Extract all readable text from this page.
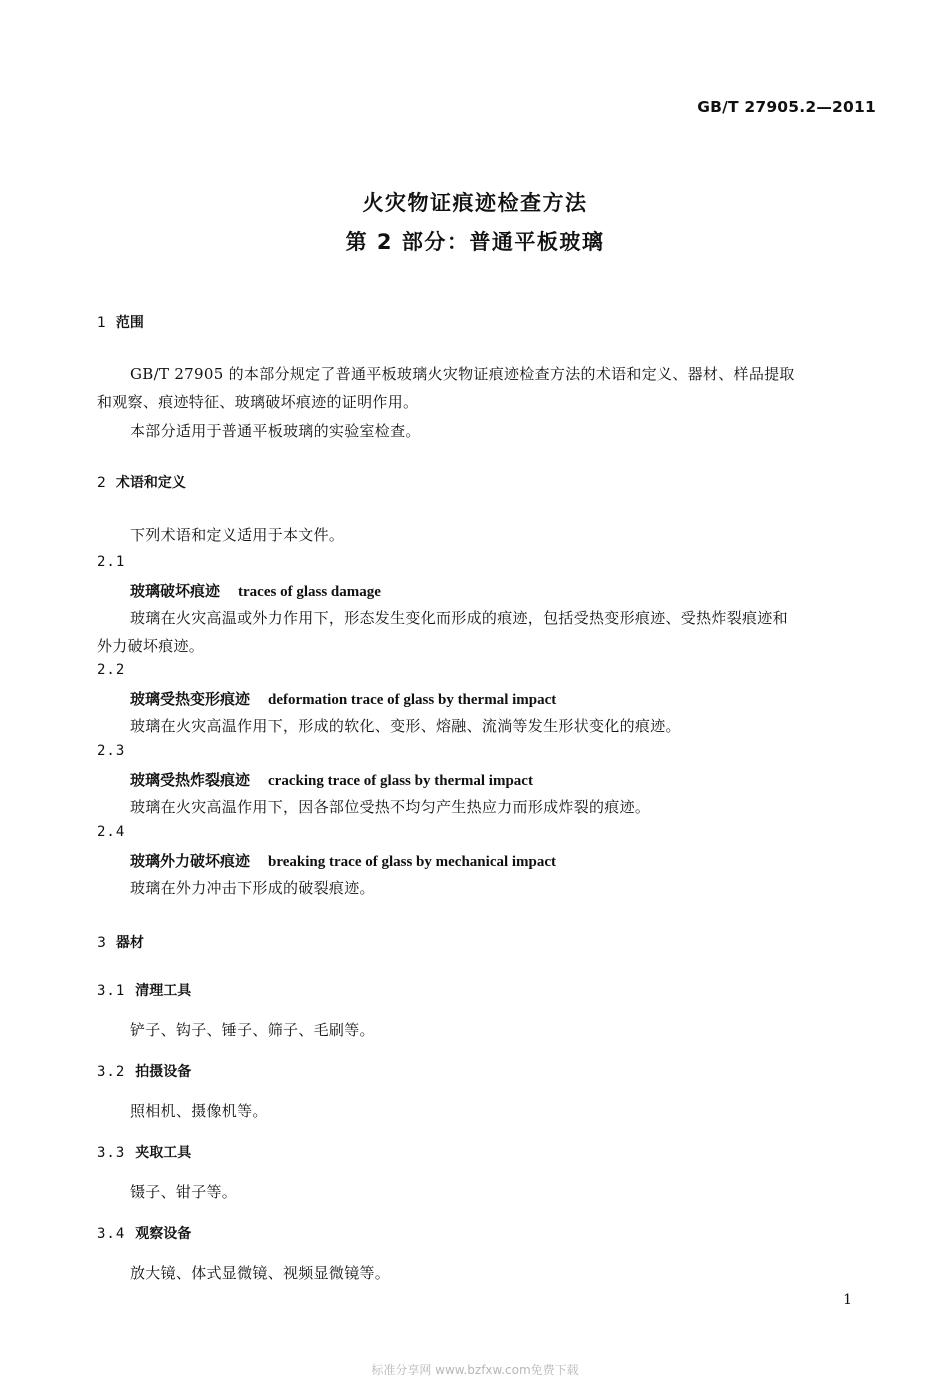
GB/T 27905.2—2011
火灾物证痕迹检查方法
第 2 部分：普通平板玻璃
1 范围
GB/T 27905 的本部分规定了普通平板玻璃火灾物证痕迹检查方法的术语和定义、器材、样品提取
和观察、痕迹特征、玻璃破坏痕迹的证明作用。
本部分适用于普通平板玻璃的实验室检查。
2 术语和定义
下列术语和定义适用于本文件。
2.1
玻璃破坏痕迹 traces of glass damage
玻璃在火灾高温或外力作用下，形态发生变化而形成的痕迹，包括受热变形痕迹、受热炸裂痕迹和
外力破坏痕迹。
2.2
玻璃受热变形痕迹 deformation trace of glass by thermal impact
玻璃在火灾高温作用下，形成的软化、变形、熔融、流淌等发生形状变化的痕迹。
2.3
玻璃受热炸裂痕迹 cracking trace of glass by thermal impact
玻璃在火灾高温作用下，因各部位受热不均匀产生热应力而形成炸裂的痕迹。
2.4
玻璃外力破坏痕迹 breaking trace of glass by mechanical impact
玻璃在外力冲击下形成的破裂痕迹。
3 器材
3.1 清理工具
铲子、钩子、锤子、筛子、毛刷等。
3.2 拍摄设备
照相机、摄像机等。
3.3 夹取工具
镊子、钳子等。
3.4 观察设备
放大镜、体式显微镜、视频显微镜等。
1
标准分享网 www.bzfxw.com免费下载
